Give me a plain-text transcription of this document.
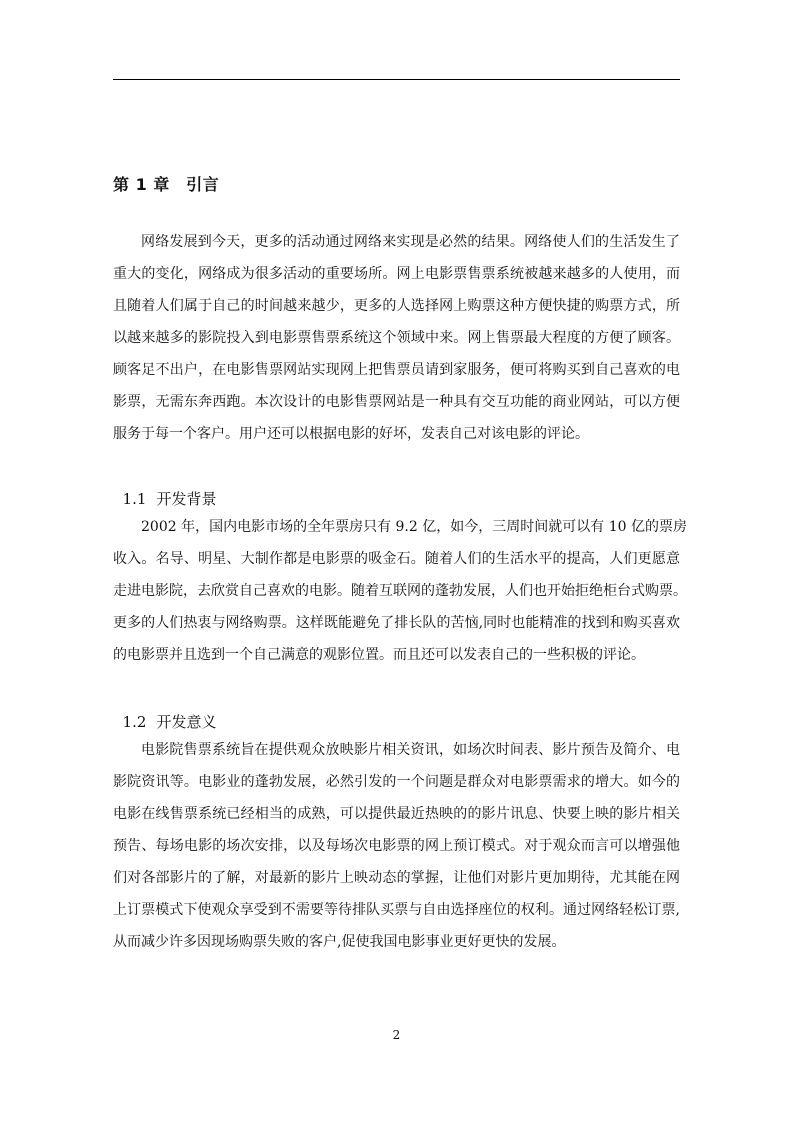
第 1 章　引言
网络发展到今天，更多的活动通过网络来实现是必然的结果。网络使人们的生活发生了
重大的变化，网络成为很多活动的重要场所。网上电影票售票系统被越来越多的人使用，而
且随着人们属于自己的时间越来越少，更多的人选择网上购票这种方便快捷的购票方式，所
以越来越多的影院投入到电影票售票系统这个领域中来。网上售票最大程度的方便了顾客。
顾客足不出户，在电影售票网站实现网上把售票员请到家服务，便可将购买到自己喜欢的电
影票，无需东奔西跑。本次设计的电影售票网站是一种具有交互功能的商业网站，可以方便
服务于每一个客户。用户还可以根据电影的好坏，发表自己对该电影的评论。

1.1 开发背景

2002 年，国内电影市场的全年票房只有 9.2 亿，如今，三周时间就可以有 10 亿的票房
收入。名导、明星、大制作都是电影票的吸金石。随着人们的生活水平的提高，人们更愿意
走进电影院，去欣赏自己喜欢的电影。随着互联网的蓬勃发展，人们也开始拒绝柜台式购票。
更多的人们热衷与网络购票。这样既能避免了排长队的苦恼,同时也能精准的找到和购买喜欢
的电影票并且选到一个自己满意的观影位置。而且还可以发表自己的一些积极的评论。

1.2 开发意义

电影院售票系统旨在提供观众放映影片相关资讯，如场次时间表、影片预告及简介、电
影院资讯等。电影业的蓬勃发展，必然引发的一个问题是群众对电影票需求的增大。如今的
电影在线售票系统已经相当的成熟，可以提供最近热映的的影片讯息、快要上映的影片相关
预告、每场电影的场次安排，以及每场次电影票的网上预订模式。对于观众而言可以增强他
们对各部影片的了解，对最新的影片上映动态的掌握，让他们对影片更加期待，尤其能在网
上订票模式下使观众享受到不需要等待排队买票与自由选择座位的权利。通过网络轻松订票,
从而减少许多因现场购票失败的客户,促使我国电影事业更好更快的发展。
2
